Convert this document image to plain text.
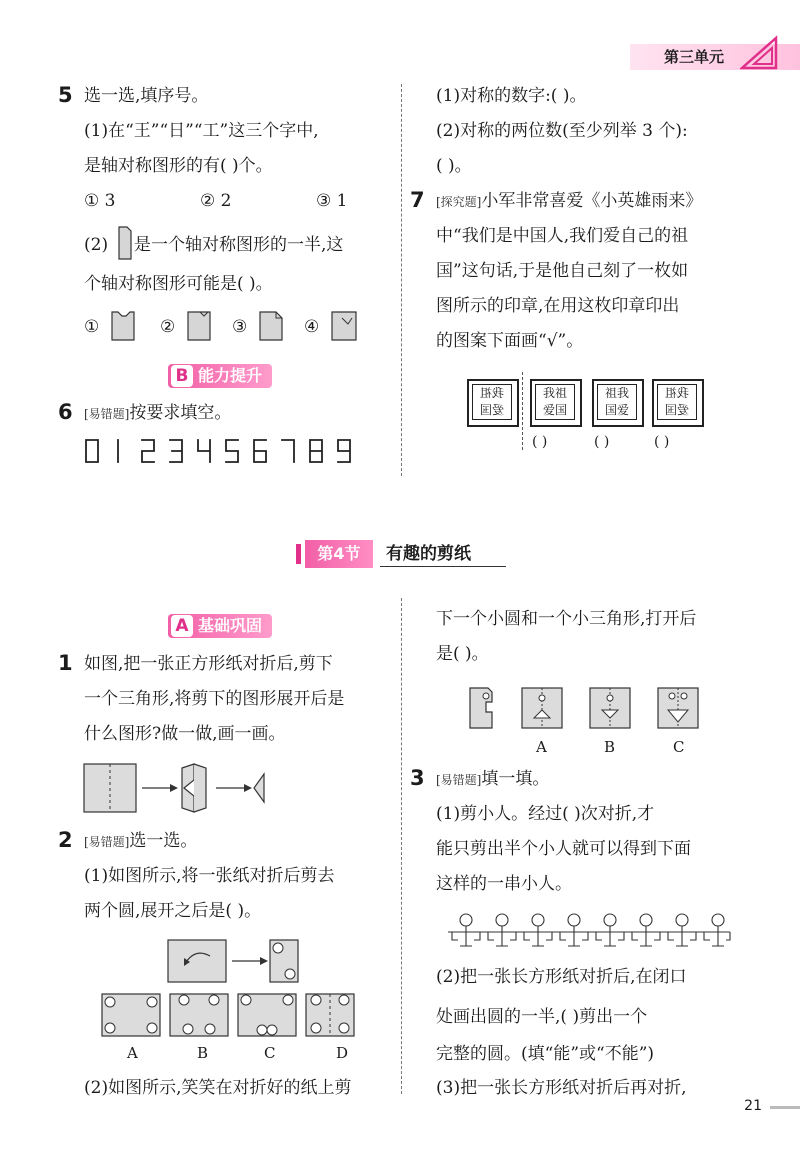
第三单元
5 选一选,填序号。
(1)在“王”“日”“工”这三个字中,
是轴对称图形的有( )个。
① 3	② 2	③ 1
(2) 是一个轴对称图形的一半,这
个轴对称图形可能是( )。
①	②	③	④
B 能力提升
6 [易错题]按要求填空。
(1)对称的数字:( )。
(2)对称的两位数(至少列举 3 个):
( )。
7 [探究题]小军非常喜爱《小英雄雨来》
中“我们是中国人,我们爱自己的祖
国”这句话,于是他自己刻了一枚如
图所示的印章,在用这枚印章印出
的图案下面画“√”。
祖我
国爱
我祖
爱国
祖我
国爱
祖我
国爱
( )	( )	( )
第4节	有趣的剪纸
A 基础巩固
1 如图,把一张正方形纸对折后,剪下
一个三角形,将剪下的图形展开后是
什么图形?做一做,画一画。
2 [易错题]选一选。
(1)如图所示,将一张纸对折后剪去
两个圆,展开之后是( )。
A	B	C	D
(2)如图所示,笑笑在对折好的纸上剪
下一个小圆和一个小三角形,打开后
是( )。
A	B	C
3 [易错题]填一填。
(1)剪小人。经过( )次对折,才
能只剪出半个小人就可以得到下面
这样的一串小人。
(2)把一张长方形纸对折后,在闭口
处画出圆的一半,( )剪出一个
完整的圆。(填“能”或“不能”)
(3)把一张长方形纸对折后再对折,
21
